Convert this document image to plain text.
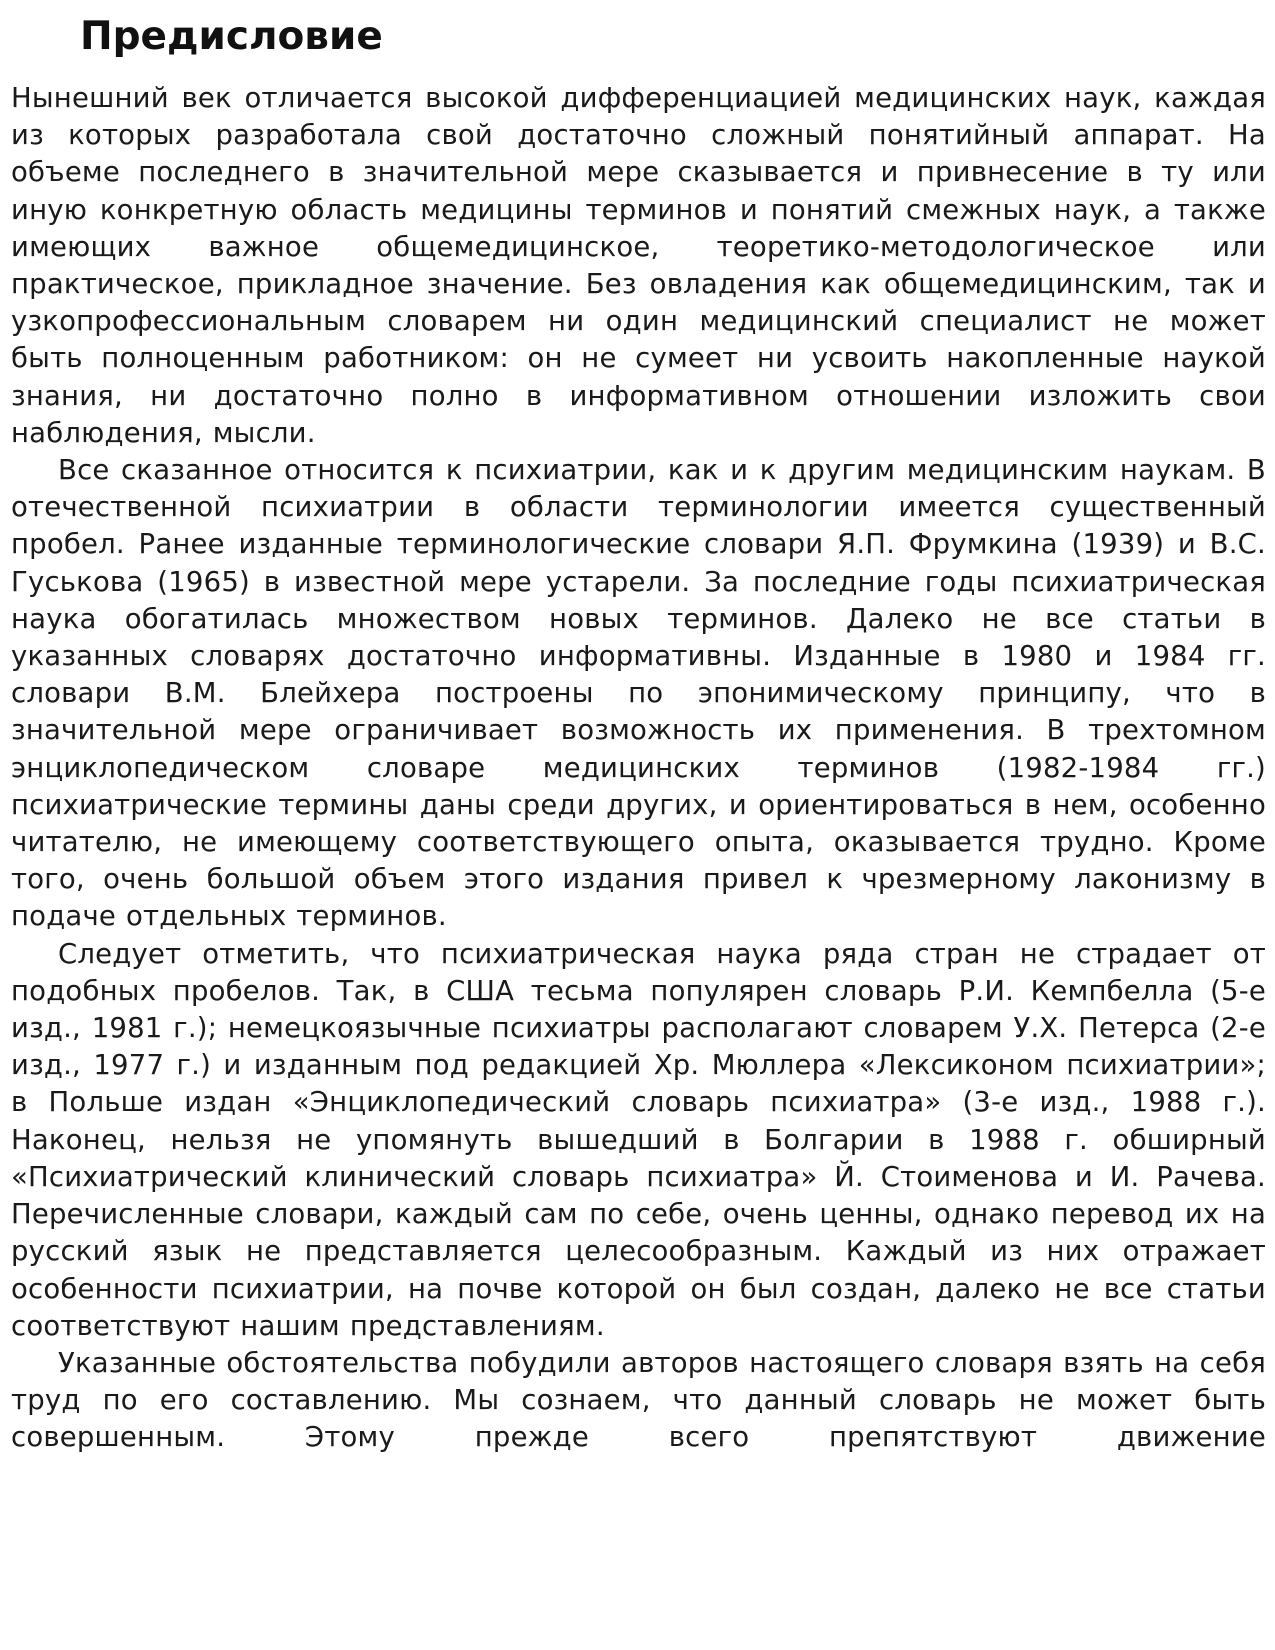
Предисловие

Нынешний век отличается высокой дифференциацией медицинских наук, каждая из которых разработала свой достаточно сложный понятийный аппарат. На объеме последнего в значительной мере сказывается и привнесение в ту или иную конкретную область медицины терминов и понятий смежных наук, а также имеющих важное общемедицинское, теоретико-методологическое или практическое, прикладное значение. Без овладения как общемедицинским, так и узкопрофессиональным словарем ни один медицинский специалист не может быть полноценным работником: он не сумеет ни усвоить накопленные наукой знания, ни достаточно полно в информативном отношении изложить свои наблюдения, мысли.

Все сказанное относится к психиатрии, как и к другим медицинским наукам. В отечественной психиатрии в области терминологии имеется существенный пробел. Ранее изданные терминологические словари Я.П. Фрумкина (1939) и В.С. Гуськова (1965) в известной мере устарели. За последние годы психиатрическая наука обогатилась множеством новых терминов. Далеко не все статьи в указанных словарях достаточно информативны. Изданные в 1980 и 1984 гг. словари В.М. Блейхера построены по эпонимическому принципу, что в значительной мере ограничивает возможность их применения. В трехтомном энциклопедическом словаре медицинских терминов (1982-1984 гг.) психиатрические термины даны среди других, и ориентироваться в нем, особенно читателю, не имеющему соответствующего опыта, оказывается трудно. Кроме того, очень большой объем этого издания привел к чрезмерному лаконизму в подаче отдельных терминов.

Следует отметить, что психиатрическая наука ряда стран не страдает от подобных пробелов. Так, в США тесьма популярен словарь Р.И. Кемпбелла (5-е изд., 1981 г.); немецкоязычные психиатры располагают словарем У.Х. Петерса (2-е изд., 1977 г.) и изданным под редакцией Хр. Мюллера «Лексиконом психиатрии»; в Польше издан «Энциклопедический словарь психиатра» (3-е изд., 1988 г.). Наконец, нельзя не упомянуть вышедший в Болгарии в 1988 г. обширный «Психиатрический клинический словарь психиатра» Й. Стоименова и И. Рачева. Перечисленные словари, каждый сам по себе, очень ценны, однако перевод их на русский язык не представляется целесообразным. Каждый из них отражает особенности психиатрии, на почве которой он был создан, далеко не все статьи соответствуют нашим представлениям.

Указанные обстоятельства побудили авторов настоящего словаря взять на себя труд по его составлению. Мы сознаем, что данный словарь не может быть совершенным. Этому прежде всего препятствуют движение
